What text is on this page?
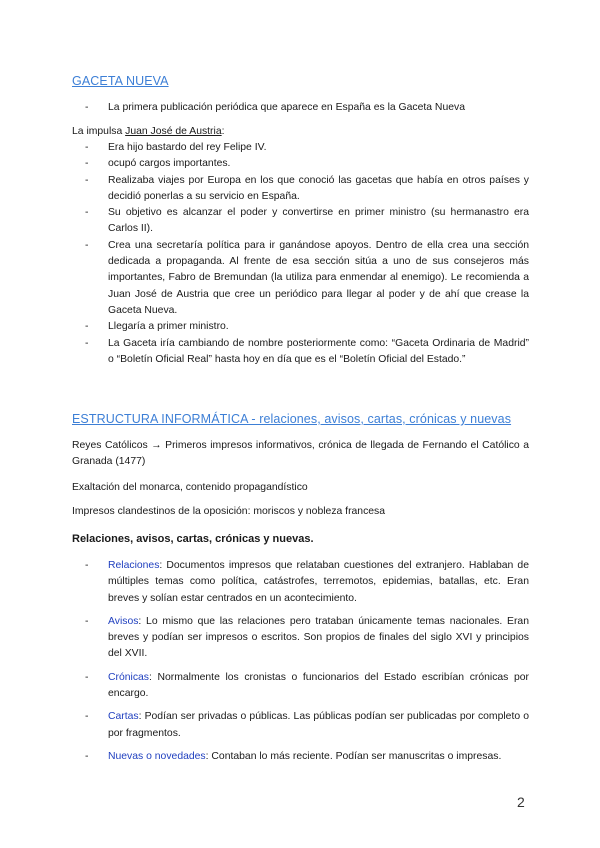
GACETA NUEVA
- La primera publicación periódica que aparece en España es la Gaceta Nueva
La impulsa Juan José de Austria:
- Era hijo bastardo del rey Felipe IV.
- ocupó cargos importantes.
- Realizaba viajes por Europa en los que conoció las gacetas que había en otros países y decidió ponerlas a su servicio en España.
- Su objetivo es alcanzar el poder y convertirse en primer ministro (su hermanastro era Carlos II).
- Crea una secretaría política para ir ganándose apoyos. Dentro de ella crea una sección dedicada a propaganda. Al frente de esa sección sitúa a uno de sus consejeros más importantes, Fabro de Bremundan (la utiliza para enmendar al enemigo). Le recomienda a Juan José de Austria que cree un periódico para llegar al poder y de ahí que crease la Gaceta Nueva.
- Llegaría a primer ministro.
- La Gaceta iría cambiando de nombre posteriormente como: “Gaceta Ordinaria de Madrid” o “Boletín Oficial Real” hasta hoy en día que es el “Boletín Oficial del Estado.”
ESTRUCTURA INFORMÁTICA - relaciones, avisos, cartas, crónicas y nuevas
Reyes Católicos → Primeros impresos informativos, crónica de llegada de Fernando el Católico a Granada (1477)
Exaltación del monarca, contenido propagandístico
Impresos clandestinos de la oposición: moriscos y nobleza francesa
Relaciones, avisos, cartas, crónicas y nuevas.
- Relaciones: Documentos impresos que relataban cuestiones del extranjero. Hablaban de múltiples temas como política, catástrofes, terremotos, epidemias, batallas, etc. Eran breves y solían estar centrados en un acontecimiento.
- Avisos: Lo mismo que las relaciones pero trataban únicamente temas nacionales. Eran breves y podían ser impresos o escritos. Son propios de finales del siglo XVI y principios del XVII.
- Crónicas: Normalmente los cronistas o funcionarios del Estado escribían crónicas por encargo.
- Cartas: Podían ser privadas o públicas. Las públicas podían ser publicadas por completo o por fragmentos.
- Nuevas o novedades: Contaban lo más reciente. Podían ser manuscritas o impresas.
2
